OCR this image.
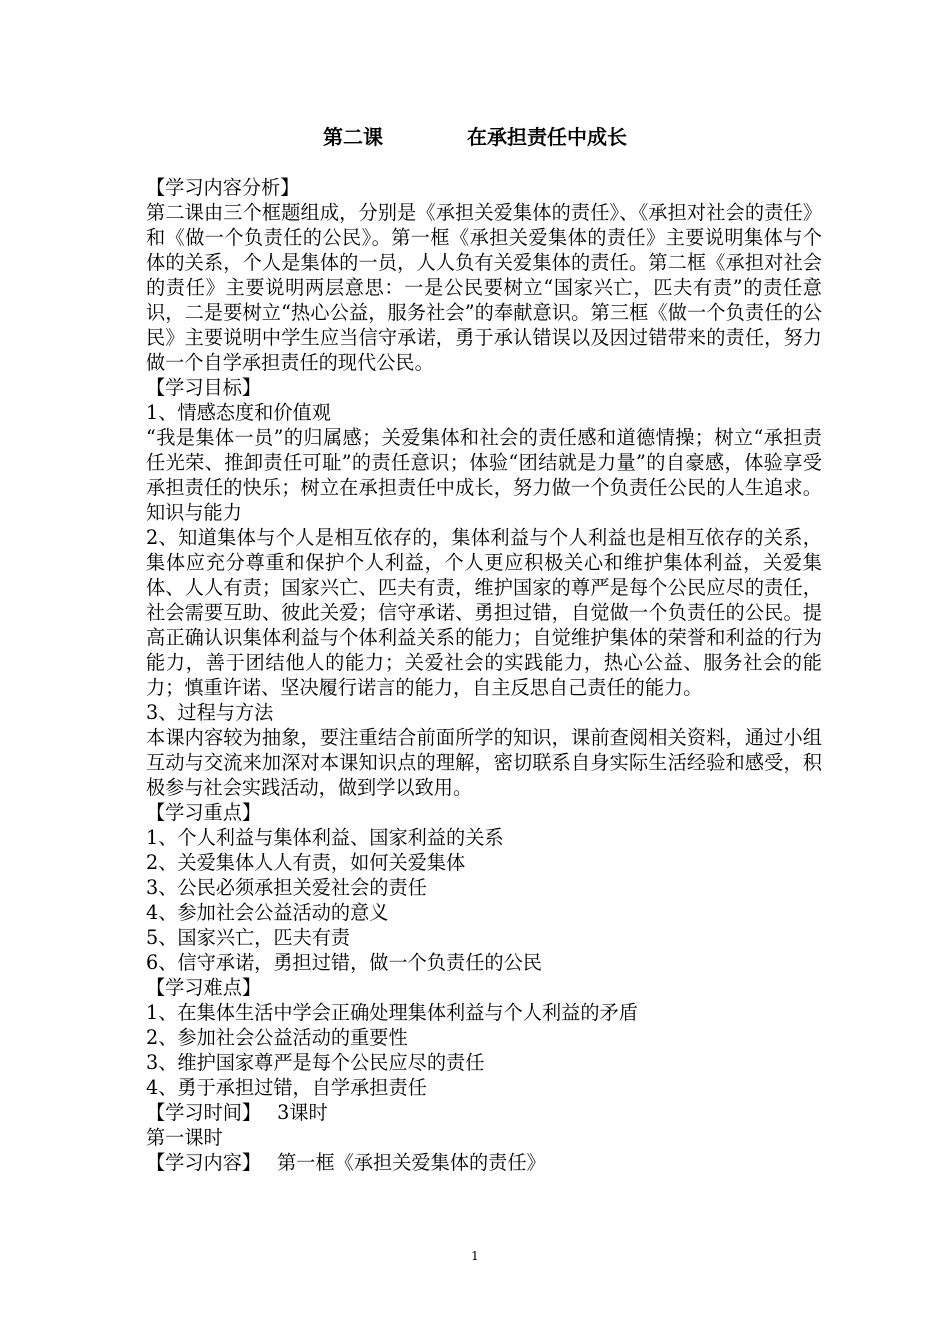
第二课	在承担责任中成长

【学习内容分析】

第二课由三个框题组成，分别是《承担关爱集体的责任》、《承担对社会的责任》和《做一个负责任的公民》。第一框《承担关爱集体的责任》主要说明集体与个体的关系，个人是集体的一员，人人负有关爱集体的责任。第二框《承担对社会的责任》主要说明两层意思：一是公民要树立“国家兴亡，匹夫有责”的责任意识，二是要树立“热心公益，服务社会”的奉献意识。第三框《做一个负责任的公民》主要说明中学生应当信守承诺，勇于承认错误以及因过错带来的责任，努力做一个自学承担责任的现代公民。

【学习目标】

1、情感态度和价值观

“我是集体一员”的归属感；关爱集体和社会的责任感和道德情操；树立“承担责任光荣、推卸责任可耻”的责任意识；体验“团结就是力量”的自豪感，体验享受承担责任的快乐；树立在承担责任中成长，努力做一个负责任公民的人生追求。知识与能力

2、知道集体与个人是相互依存的，集体利益与个人利益也是相互依存的关系，集体应充分尊重和保护个人利益，个人更应积极关心和维护集体利益，关爱集体、人人有责；国家兴亡、匹夫有责，维护国家的尊严是每个公民应尽的责任，社会需要互助、彼此关爱；信守承诺、勇担过错，自觉做一个负责任的公民。提高正确认识集体利益与个体利益关系的能力；自觉维护集体的荣誉和利益的行为能力，善于团结他人的能力；关爱社会的实践能力，热心公益、服务社会的能力；慎重许诺、坚决履行诺言的能力，自主反思自己责任的能力。

3、过程与方法

本课内容较为抽象，要注重结合前面所学的知识，课前查阅相关资料，通过小组互动与交流来加深对本课知识点的理解，密切联系自身实际生活经验和感受，积极参与社会实践活动，做到学以致用。

【学习重点】

1、个人利益与集体利益、国家利益的关系

2、关爱集体人人有责，如何关爱集体

3、公民必须承担关爱社会的责任

4、参加社会公益活动的意义

5、国家兴亡，匹夫有责

6、信守承诺，勇担过错，做一个负责任的公民

【学习难点】

1、在集体生活中学会正确处理集体利益与个人利益的矛盾

2、参加社会公益活动的重要性

3、维护国家尊严是每个公民应尽的责任

4、勇于承担过错，自学承担责任

【学习时间】 3课时

第一课时

【学习内容】 第一框《承担关爱集体的责任》

1
